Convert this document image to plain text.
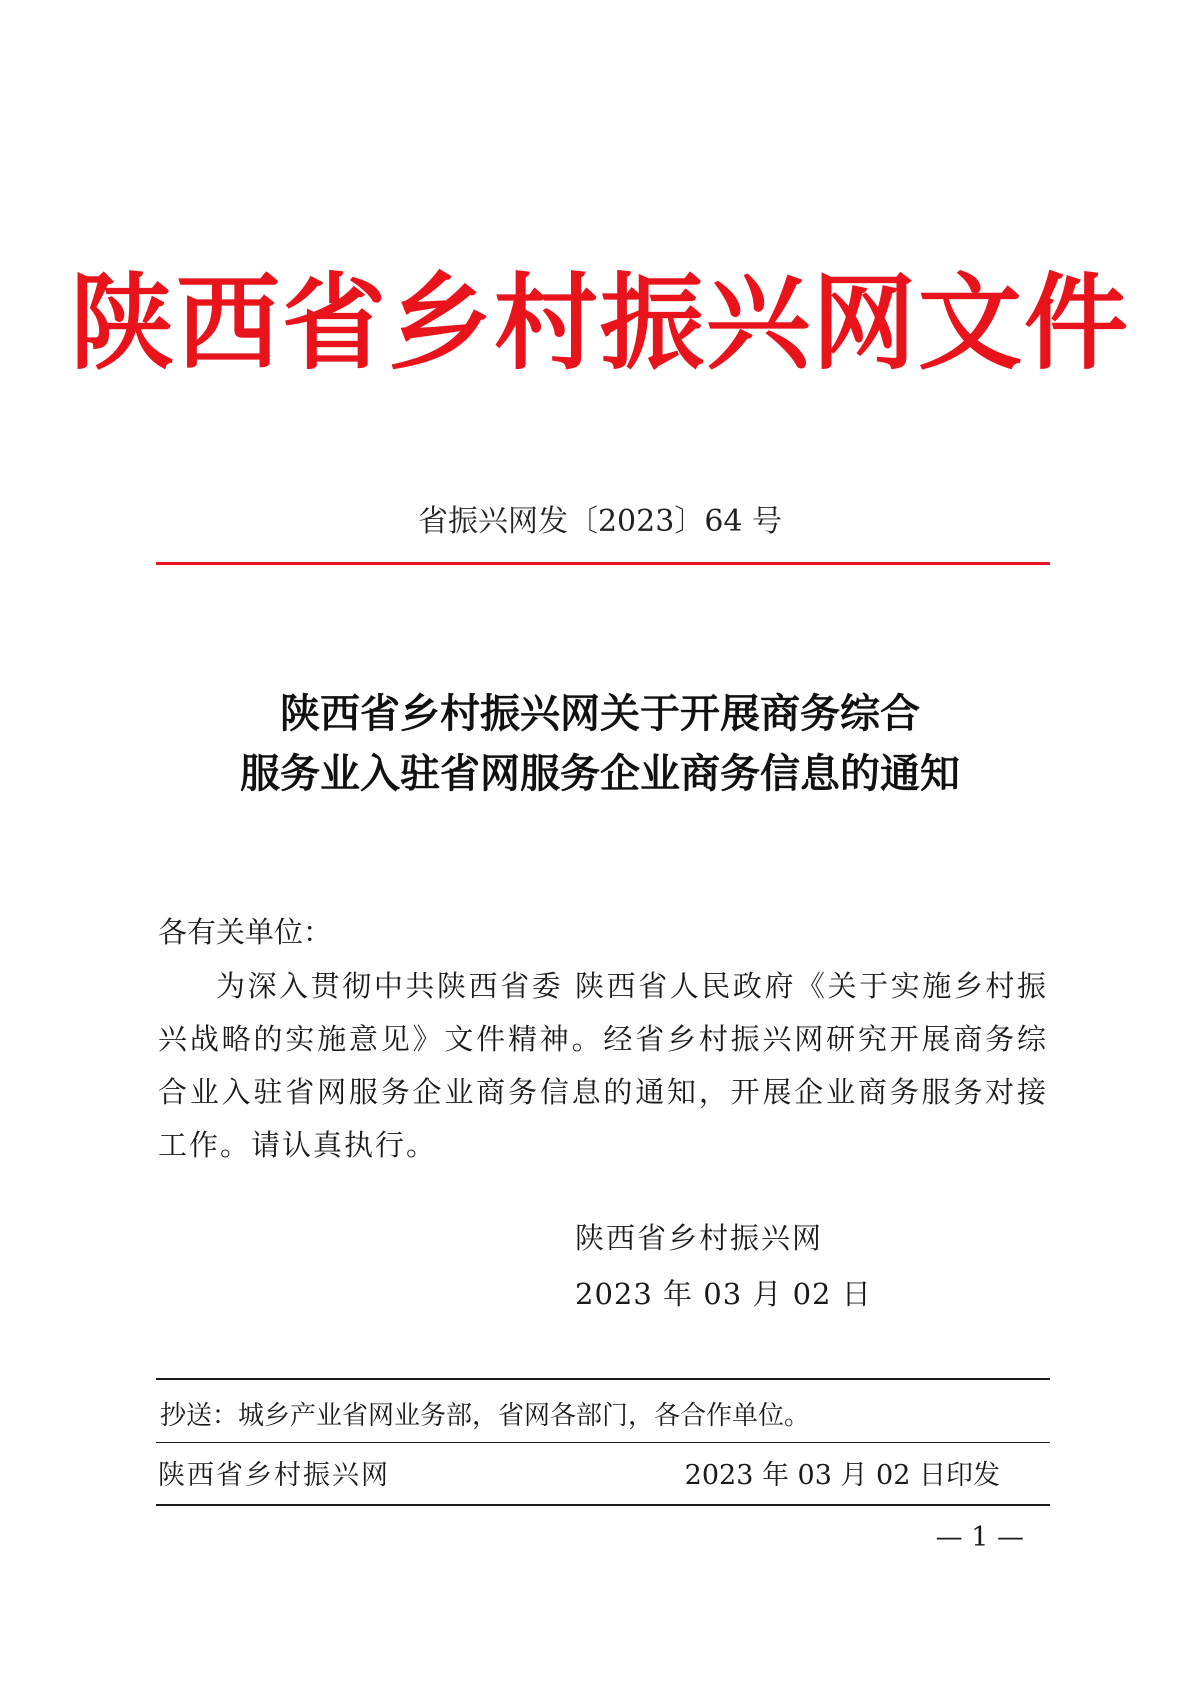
陕西省乡村振兴网文件
省振兴网发〔2023〕64 号
陕西省乡村振兴网关于开展商务综合
服务业入驻省网服务企业商务信息的通知
各有关单位：
为深入贯彻中共陕西省委 陕西省人民政府《关于实施乡村振兴战略的实施意见》文件精神。经省乡村振兴网研究开展商务综合业入驻省网服务企业商务信息的通知，开展企业商务服务对接工作。请认真执行。
陕西省乡村振兴网
2023 年 03 月 02 日
抄送：城乡产业省网业务部，省网各部门，各合作单位。
陕西省乡村振兴网	2023 年 03 月 02 日印发
— 1 —
